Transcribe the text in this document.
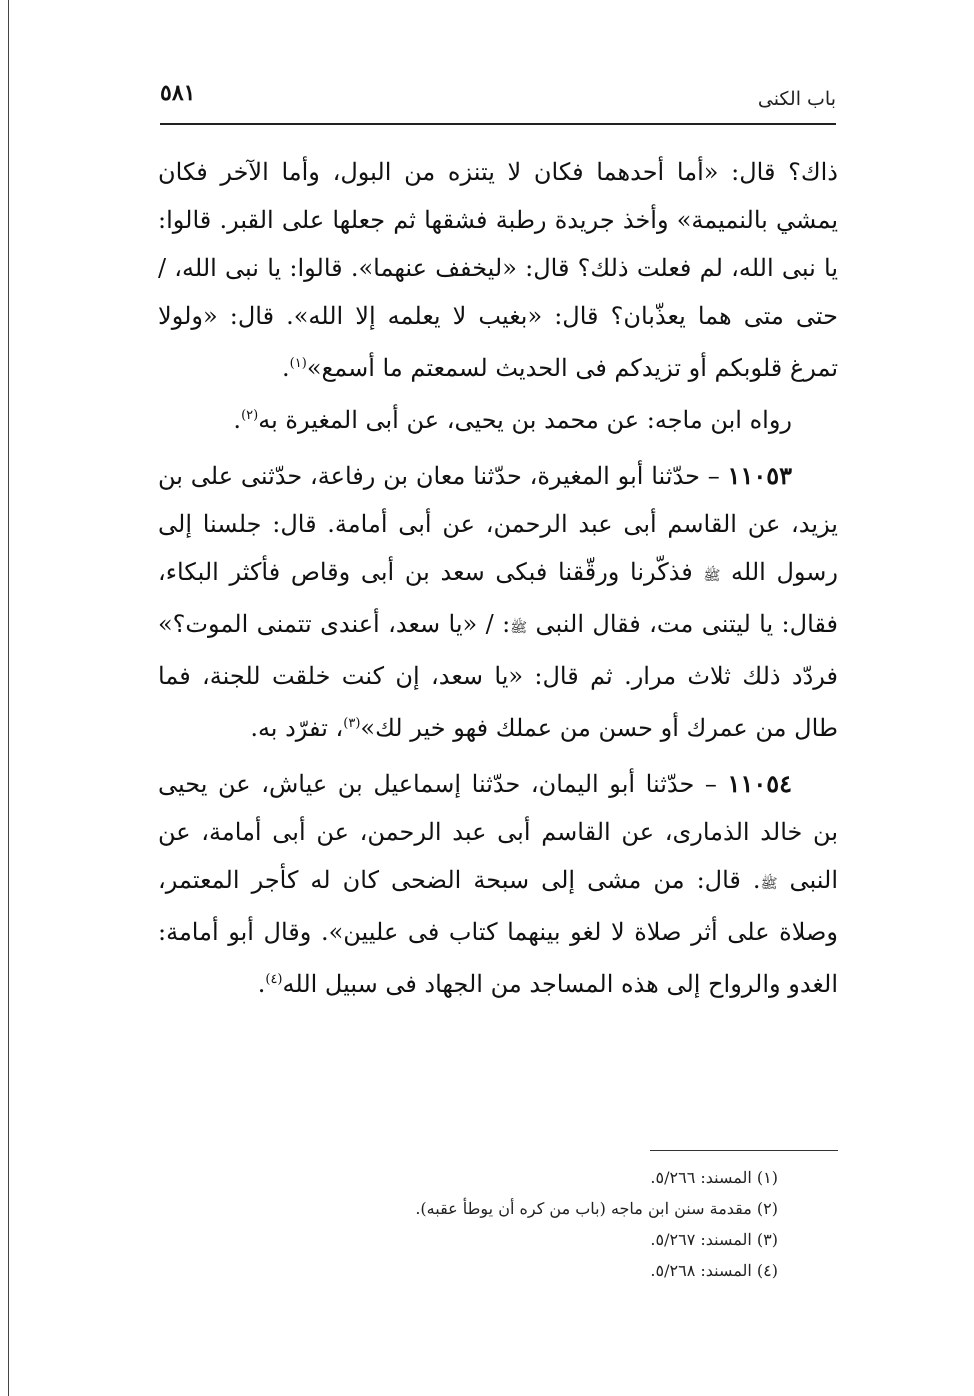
باب الكنى
٥٨١

ذاك؟ قال: «أما أحدهما فكان لا يتنزه من البول، وأما الآخر فكان يمشي بالنميمة» وأخذ جريدة رطبة فشقها ثم جعلها على القبر. قالوا: يا نبى الله، لم فعلت ذلك؟ قال: «ليخفف عنهما». قالوا: يا نبى الله، / حتى متى هما يعذّبان؟ قال: «بغيب لا يعلمه إلا الله». قال: «ولولا تمرغ قلوبكم أو تزيدكم فى الحديث لسمعتم ما أسمع»$^{(١)}$.

رواه ابن ماجه: عن محمد بن يحيى، عن أبى المغيرة به$^{(٢)}$.

١١٠٥٣ – حدّثنا أبو المغيرة، حدّثنا معان بن رفاعة، حدّثنى على بن يزيد، عن القاسم أبى عبد الرحمن، عن أبى أمامة. قال: جلسنا إلى رسول الله ﷺ فذكّرنا ورقّقنا فبكى سعد بن أبى وقاص فأكثر البكاء، فقال: يا ليتنى مت، فقال النبى ﷺ: / «يا سعد، أعندى تتمنى الموت؟» فردّد ذلك ثلاث مرار. ثم قال: «يا سعد، إن كنت خلقت للجنة، فما طال من عمرك أو حسن من عملك فهو خير لك»$^{(٣)}$، تفرّد به.

١١٠٥٤ – حدّثنا أبو اليمان، حدّثنا إسماعيل بن عياش، عن يحيى بن خالد الذمارى، عن القاسم أبى عبد الرحمن، عن أبى أمامة، عن النبى ﷺ. قال: من مشى إلى سبحة الضحى كان له كأجر المعتمر، وصلاة على أثر صلاة لا لغو بينهما كتاب فى عليين». وقال أبو أمامة: الغدو والرواح إلى هذه المساجد من الجهاد فى سبيل الله$^{(٤)}$.

(١) المسند: ٥/٢٦٦.

(٢) مقدمة سنن ابن ماجه (باب من كره أن يوطأ عقبه).

(٣) المسند: ٥/٢٦٧.

(٤) المسند: ٥/٢٦٨.
